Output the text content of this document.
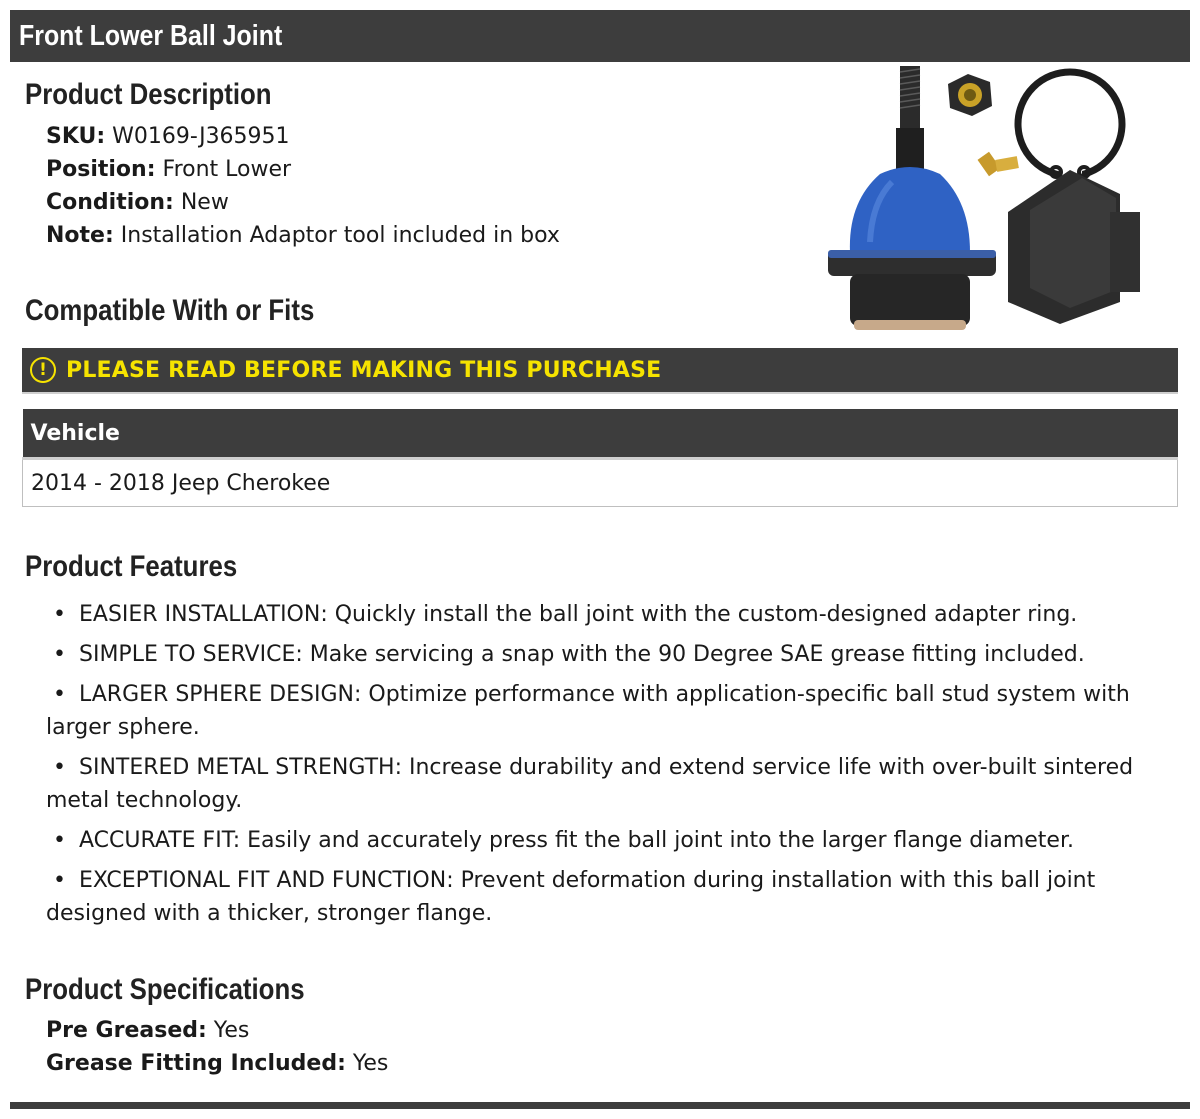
Front Lower Ball Joint
Product Description
SKU: W0169-J365951
Position: Front Lower
Condition: New
Note: Installation Adaptor tool included in box
Compatible With or Fits
! PLEASE READ BEFORE MAKING THIS PURCHASE
Vehicle
2014 - 2018 Jeep Cherokee
Product Features
• EASIER INSTALLATION: Quickly install the ball joint with the custom-designed adapter ring.
• SIMPLE TO SERVICE: Make servicing a snap with the 90 Degree SAE grease fitting included.
• LARGER SPHERE DESIGN: Optimize performance with application-specific ball stud system with larger sphere.
• SINTERED METAL STRENGTH: Increase durability and extend service life with over-built sintered metal technology.
• ACCURATE FIT: Easily and accurately press fit the ball joint into the larger flange diameter.
• EXCEPTIONAL FIT AND FUNCTION: Prevent deformation during installation with this ball joint designed with a thicker, stronger flange.
Product Specifications
Pre Greased: Yes
Grease Fitting Included: Yes
